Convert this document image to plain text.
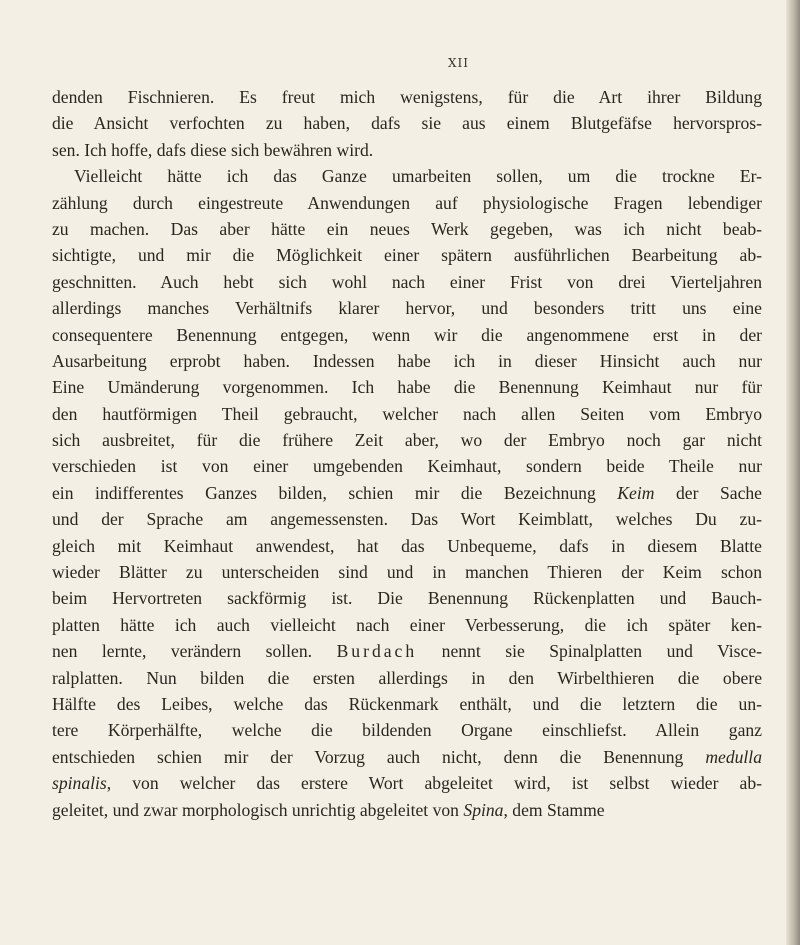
XII
denden Fischnieren. Es freut mich wenigstens, für die Art ihrer Bildung
die Ansicht verfochten zu haben, dafs sie aus einem Blutgefäfse hervorspros-
sen. Ich hoffe, dafs diese sich bewähren wird.
Vielleicht hätte ich das Ganze umarbeiten sollen, um die trockne Er-
zählung durch eingestreute Anwendungen auf physiologische Fragen lebendiger
zu machen. Das aber hätte ein neues Werk gegeben, was ich nicht beab-
sichtigte, und mir die Möglichkeit einer spätern ausführlichen Bearbeitung ab-
geschnitten. Auch hebt sich wohl nach einer Frist von drei Vierteljahren
allerdings manches Verhältnifs klarer hervor, und besonders tritt uns eine
consequentere Benennung entgegen, wenn wir die angenommene erst in der
Ausarbeitung erprobt haben. Indessen habe ich in dieser Hinsicht auch nur
Eine Umänderung vorgenommen. Ich habe die Benennung Keimhaut nur für
den hautförmigen Theil gebraucht, welcher nach allen Seiten vom Embryo
sich ausbreitet, für die frühere Zeit aber, wo der Embryo noch gar nicht
verschieden ist von einer umgebenden Keimhaut, sondern beide Theile nur
ein indifferentes Ganzes bilden, schien mir die Bezeichnung Keim der Sache
und der Sprache am angemessensten. Das Wort Keimblatt, welches Du zu-
gleich mit Keimhaut anwendest, hat das Unbequeme, dafs in diesem Blatte
wieder Blätter zu unterscheiden sind und in manchen Thieren der Keim schon
beim Hervortreten sackförmig ist. Die Benennung Rückenplatten und Bauch-
platten hätte ich auch vielleicht nach einer Verbesserung, die ich später ken-
nen lernte, verändern sollen. Burdach nennt sie Spinalplatten und Visce-
ralplatten. Nun bilden die ersten allerdings in den Wirbelthieren die obere
Hälfte des Leibes, welche das Rückenmark enthält, und die letztern die un-
tere Körperhälfte, welche die bildenden Organe einschliefst. Allein ganz
entschieden schien mir der Vorzug auch nicht, denn die Benennung medulla
spinalis, von welcher das erstere Wort abgeleitet wird, ist selbst wieder ab-
geleitet, und zwar morphologisch unrichtig abgeleitet von Spina, dem Stamme
